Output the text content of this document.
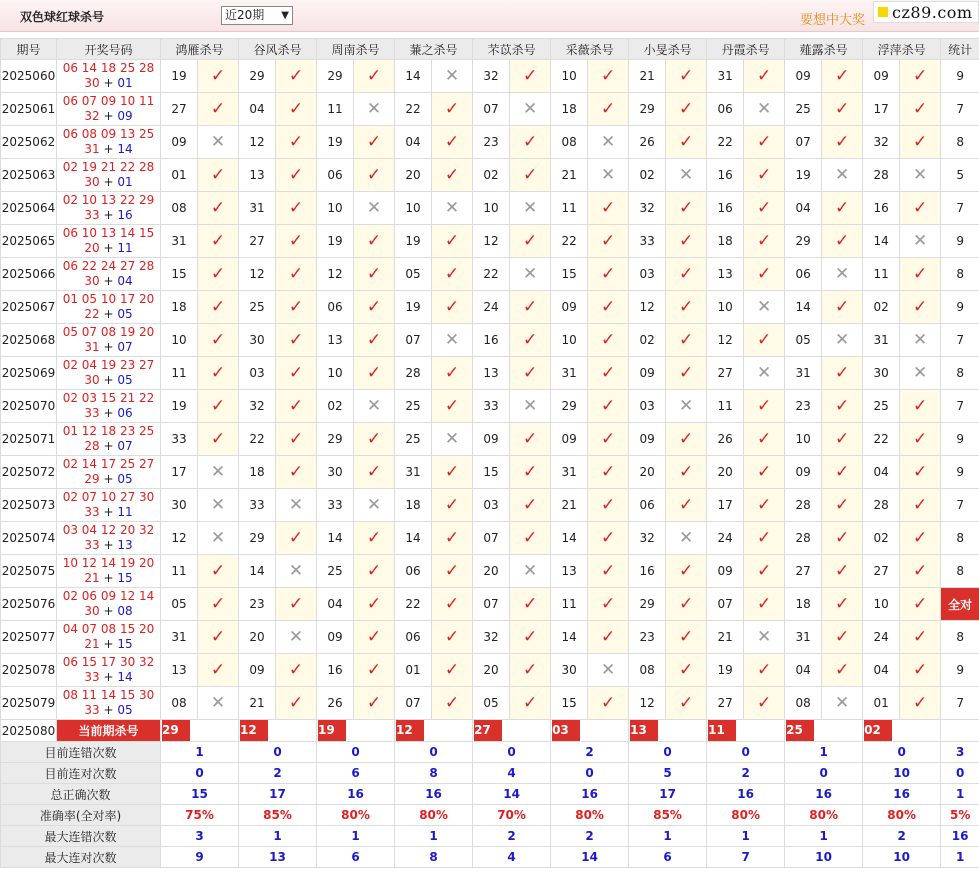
双色球红球杀号	近20期 ▼	要想中大奖 cz89.com
期号	开奖号码	鸿雁杀号		谷风杀号		周南杀号		蒹之杀号		芣苡杀号		采薇杀号		小旻杀号		丹霞杀号		薤露杀号		浮萍杀号		统计
2025060	06 14 18 25 28
30 + 01	19	✓	29	✓	29	✓	14	✕	32	✓	10	✓	21	✓	31	✓	09	✓	09	✓	9
2025061	06 07 09 10 11
32 + 09	27	✓	04	✓	11	✕	22	✓	07	✕	18	✓	29	✓	06	✕	25	✓	17	✓	7
2025062	06 08 09 13 25
31 + 14	09	✕	12	✓	19	✓	04	✓	23	✓	08	✕	26	✓	22	✓	07	✓	32	✓	8
2025063	02 19 21 22 28
30 + 01	01	✓	13	✓	06	✓	20	✓	02	✓	21	✕	02	✕	16	✓	19	✕	28	✕	5
2025064	02 10 13 22 29
33 + 16	08	✓	31	✓	10	✕	10	✕	10	✕	11	✓	32	✓	16	✓	04	✓	16	✓	7
2025065	06 10 13 14 15
20 + 11	31	✓	27	✓	19	✓	19	✓	12	✓	22	✓	33	✓	18	✓	29	✓	14	✕	9
2025066	06 22 24 27 28
30 + 04	15	✓	12	✓	12	✓	05	✓	22	✕	15	✓	03	✓	13	✓	06	✕	11	✓	8
2025067	01 05 10 17 20
22 + 05	18	✓	25	✓	06	✓	19	✓	24	✓	09	✓	12	✓	10	✕	14	✓	02	✓	9
2025068	05 07 08 19 20
31 + 07	10	✓	30	✓	13	✓	07	✕	16	✓	10	✓	02	✓	12	✓	05	✕	31	✕	7
2025069	02 04 19 23 27
30 + 05	11	✓	03	✓	10	✓	28	✓	13	✓	31	✓	09	✓	27	✕	31	✓	30	✕	8
2025070	02 03 15 21 22
33 + 06	19	✓	32	✓	02	✕	25	✓	33	✕	29	✓	03	✕	11	✓	23	✓	25	✓	7
2025071	01 12 18 23 25
28 + 07	33	✓	22	✓	29	✓	25	✕	09	✓	09	✓	09	✓	26	✓	10	✓	22	✓	9
2025072	02 14 17 25 27
29 + 05	17	✕	18	✓	30	✓	31	✓	15	✓	31	✓	20	✓	20	✓	09	✓	04	✓	9
2025073	02 07 10 27 30
33 + 11	30	✕	33	✕	33	✕	18	✓	03	✓	21	✓	06	✓	17	✓	28	✓	28	✓	7
2025074	03 04 12 20 32
33 + 13	12	✕	29	✓	14	✓	14	✓	07	✓	14	✓	32	✕	24	✓	28	✓	02	✓	8
2025075	10 12 14 19 20
21 + 15	11	✓	14	✕	25	✓	06	✓	20	✕	13	✓	16	✓	09	✓	27	✓	27	✓	8
2025076	02 06 09 12 14
30 + 08	05	✓	23	✓	04	✓	22	✓	07	✓	11	✓	29	✓	07	✓	18	✓	10	✓	全对
2025077	04 07 08 15 20
21 + 15	31	✓	20	✕	09	✓	06	✓	32	✓	14	✓	23	✓	21	✕	31	✓	24	✓	8
2025078	06 15 17 30 32
33 + 14	13	✓	09	✓	16	✓	01	✓	20	✓	30	✕	08	✓	19	✓	04	✓	04	✓	9
2025079	08 11 14 15 30
33 + 05	08	✕	21	✓	26	✓	07	✓	05	✓	15	✓	12	✓	27	✓	08	✕	01	✓	7
2025080	当前期杀号	29		12		19		12		27		03		13		11		25		02		
目前连错次数		1		0		0		0		0		2		0		0		1		0		3
目前连对次数		0		2		6		8		4		0		5		2		0		10		0
总正确次数		15		17		16		16		14		16		17		16		16		16		1
准确率(全对率)		75%		85%		80%		80%		70%		80%		85%		80%		80%		80%		5%
最大连错次数		3		1		1		1		2		2		1		1		1		2		16
最大连对次数		9		13		6		8		4		14		6		7		10		10		1
